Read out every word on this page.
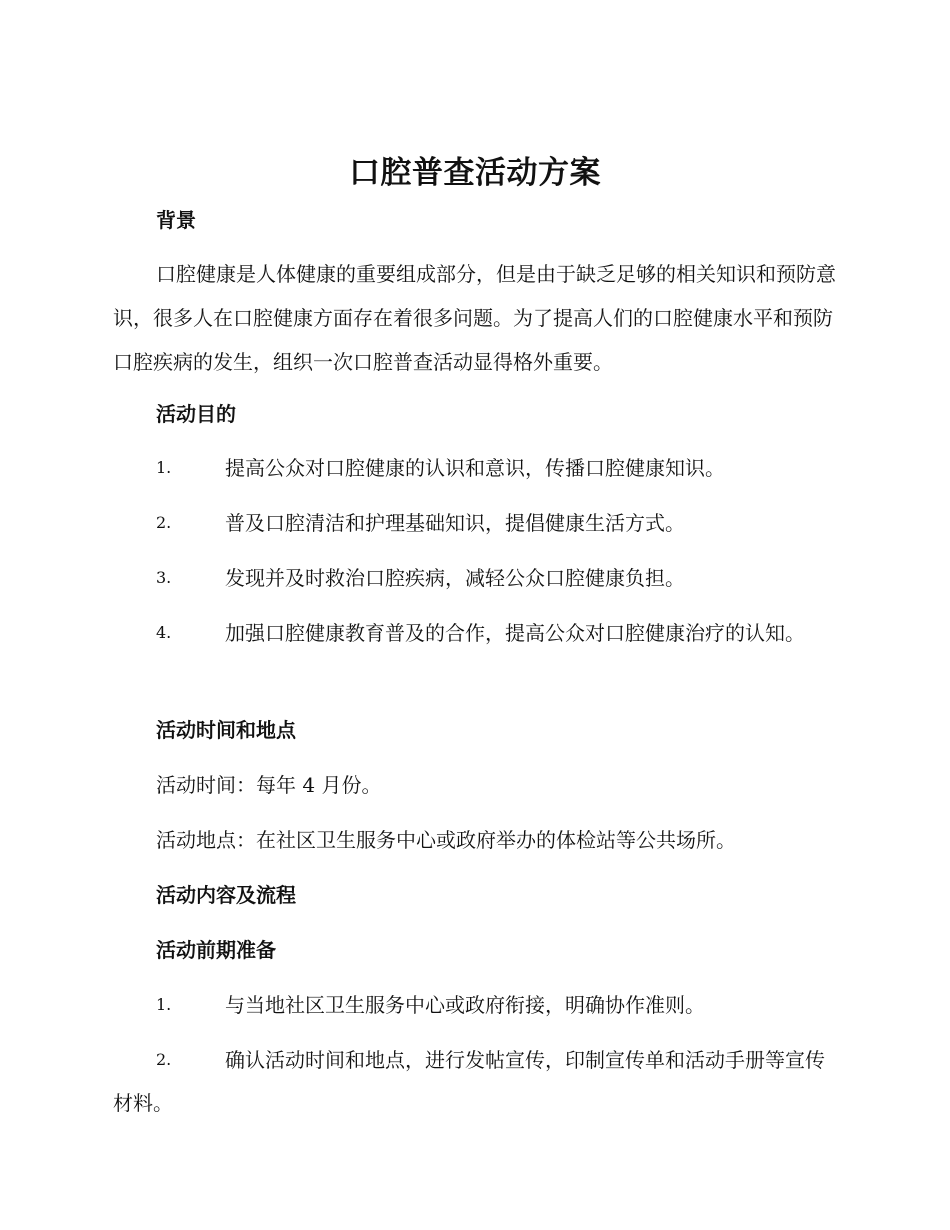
口腔普查活动方案
背景
口腔健康是人体健康的重要组成部分，但是由于缺乏足够的相关知识和预防意识，很多人在口腔健康方面存在着很多问题。为了提高人们的口腔健康水平和预防口腔疾病的发生，组织一次口腔普查活动显得格外重要。
活动目的
1.	提高公众对口腔健康的认识和意识，传播口腔健康知识。
2.	普及口腔清洁和护理基础知识，提倡健康生活方式。
3.	发现并及时救治口腔疾病，减轻公众口腔健康负担。
4.	加强口腔健康教育普及的合作，提高公众对口腔健康治疗的认知。
活动时间和地点
活动时间：每年 4 月份。
活动地点：在社区卫生服务中心或政府举办的体检站等公共场所。
活动内容及流程
活动前期准备
1.	与当地社区卫生服务中心或政府衔接，明确协作准则。
2.	确认活动时间和地点，进行发帖宣传，印制宣传单和活动手册等宣传材料。
